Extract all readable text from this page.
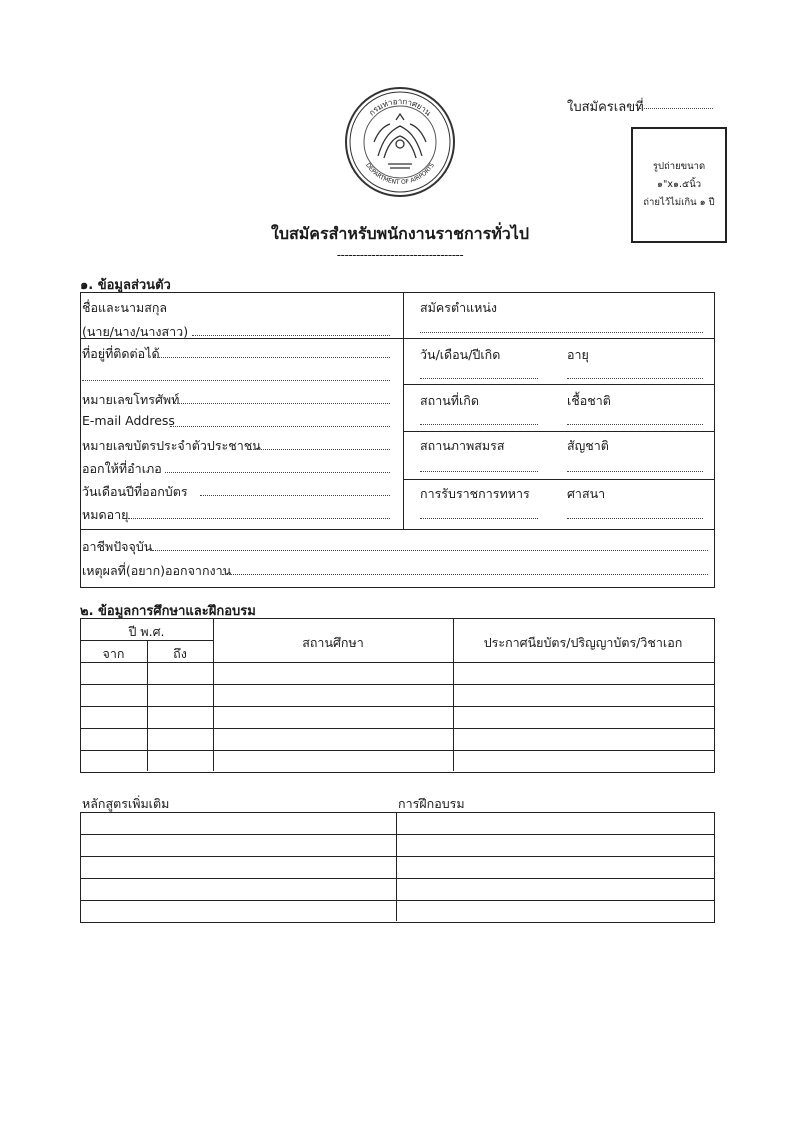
กรมท่าอากาศยาน
DEPARTMENT OF AIRPORTS
ใบสมัครเลขที่
รูปถ่ายขนาด
๑"x๑.๕นิ้ว
ถ่ายไว้ไม่เกิน ๑ ปี
ใบสมัครสำหรับพนักงานราชการทั่วไป
---------------------------------
๑. ข้อมูลส่วนตัว
ชื่อและนามสกุล
(นาย/นาง/นางสาว)
ที่อยู่ที่ติดต่อได้
หมายเลขโทรศัพท์
E-mail Address
หมายเลขบัตรประจำตัวประชาชน
ออกให้ที่อำเภอ
วันเดือนปีที่ออกบัตร
หมดอายุ
สมัครตำแหน่ง
วัน/เดือน/ปีเกิด	อายุ
สถานที่เกิด	เชื้อชาติ
สถานภาพสมรส	สัญชาติ
การรับราชการทหาร	ศาสนา
อาชีพปัจจุบัน
เหตุผลที่(อยาก)ออกจากงาน
๒. ข้อมูลการศึกษาและฝึกอบรม
ปี พ.ศ.
จาก	ถึง
สถานศึกษา	ประกาศนียบัตร/ปริญญาบัตร/วิชาเอก
หลักสูตรเพิ่มเติม	การฝึกอบรม
